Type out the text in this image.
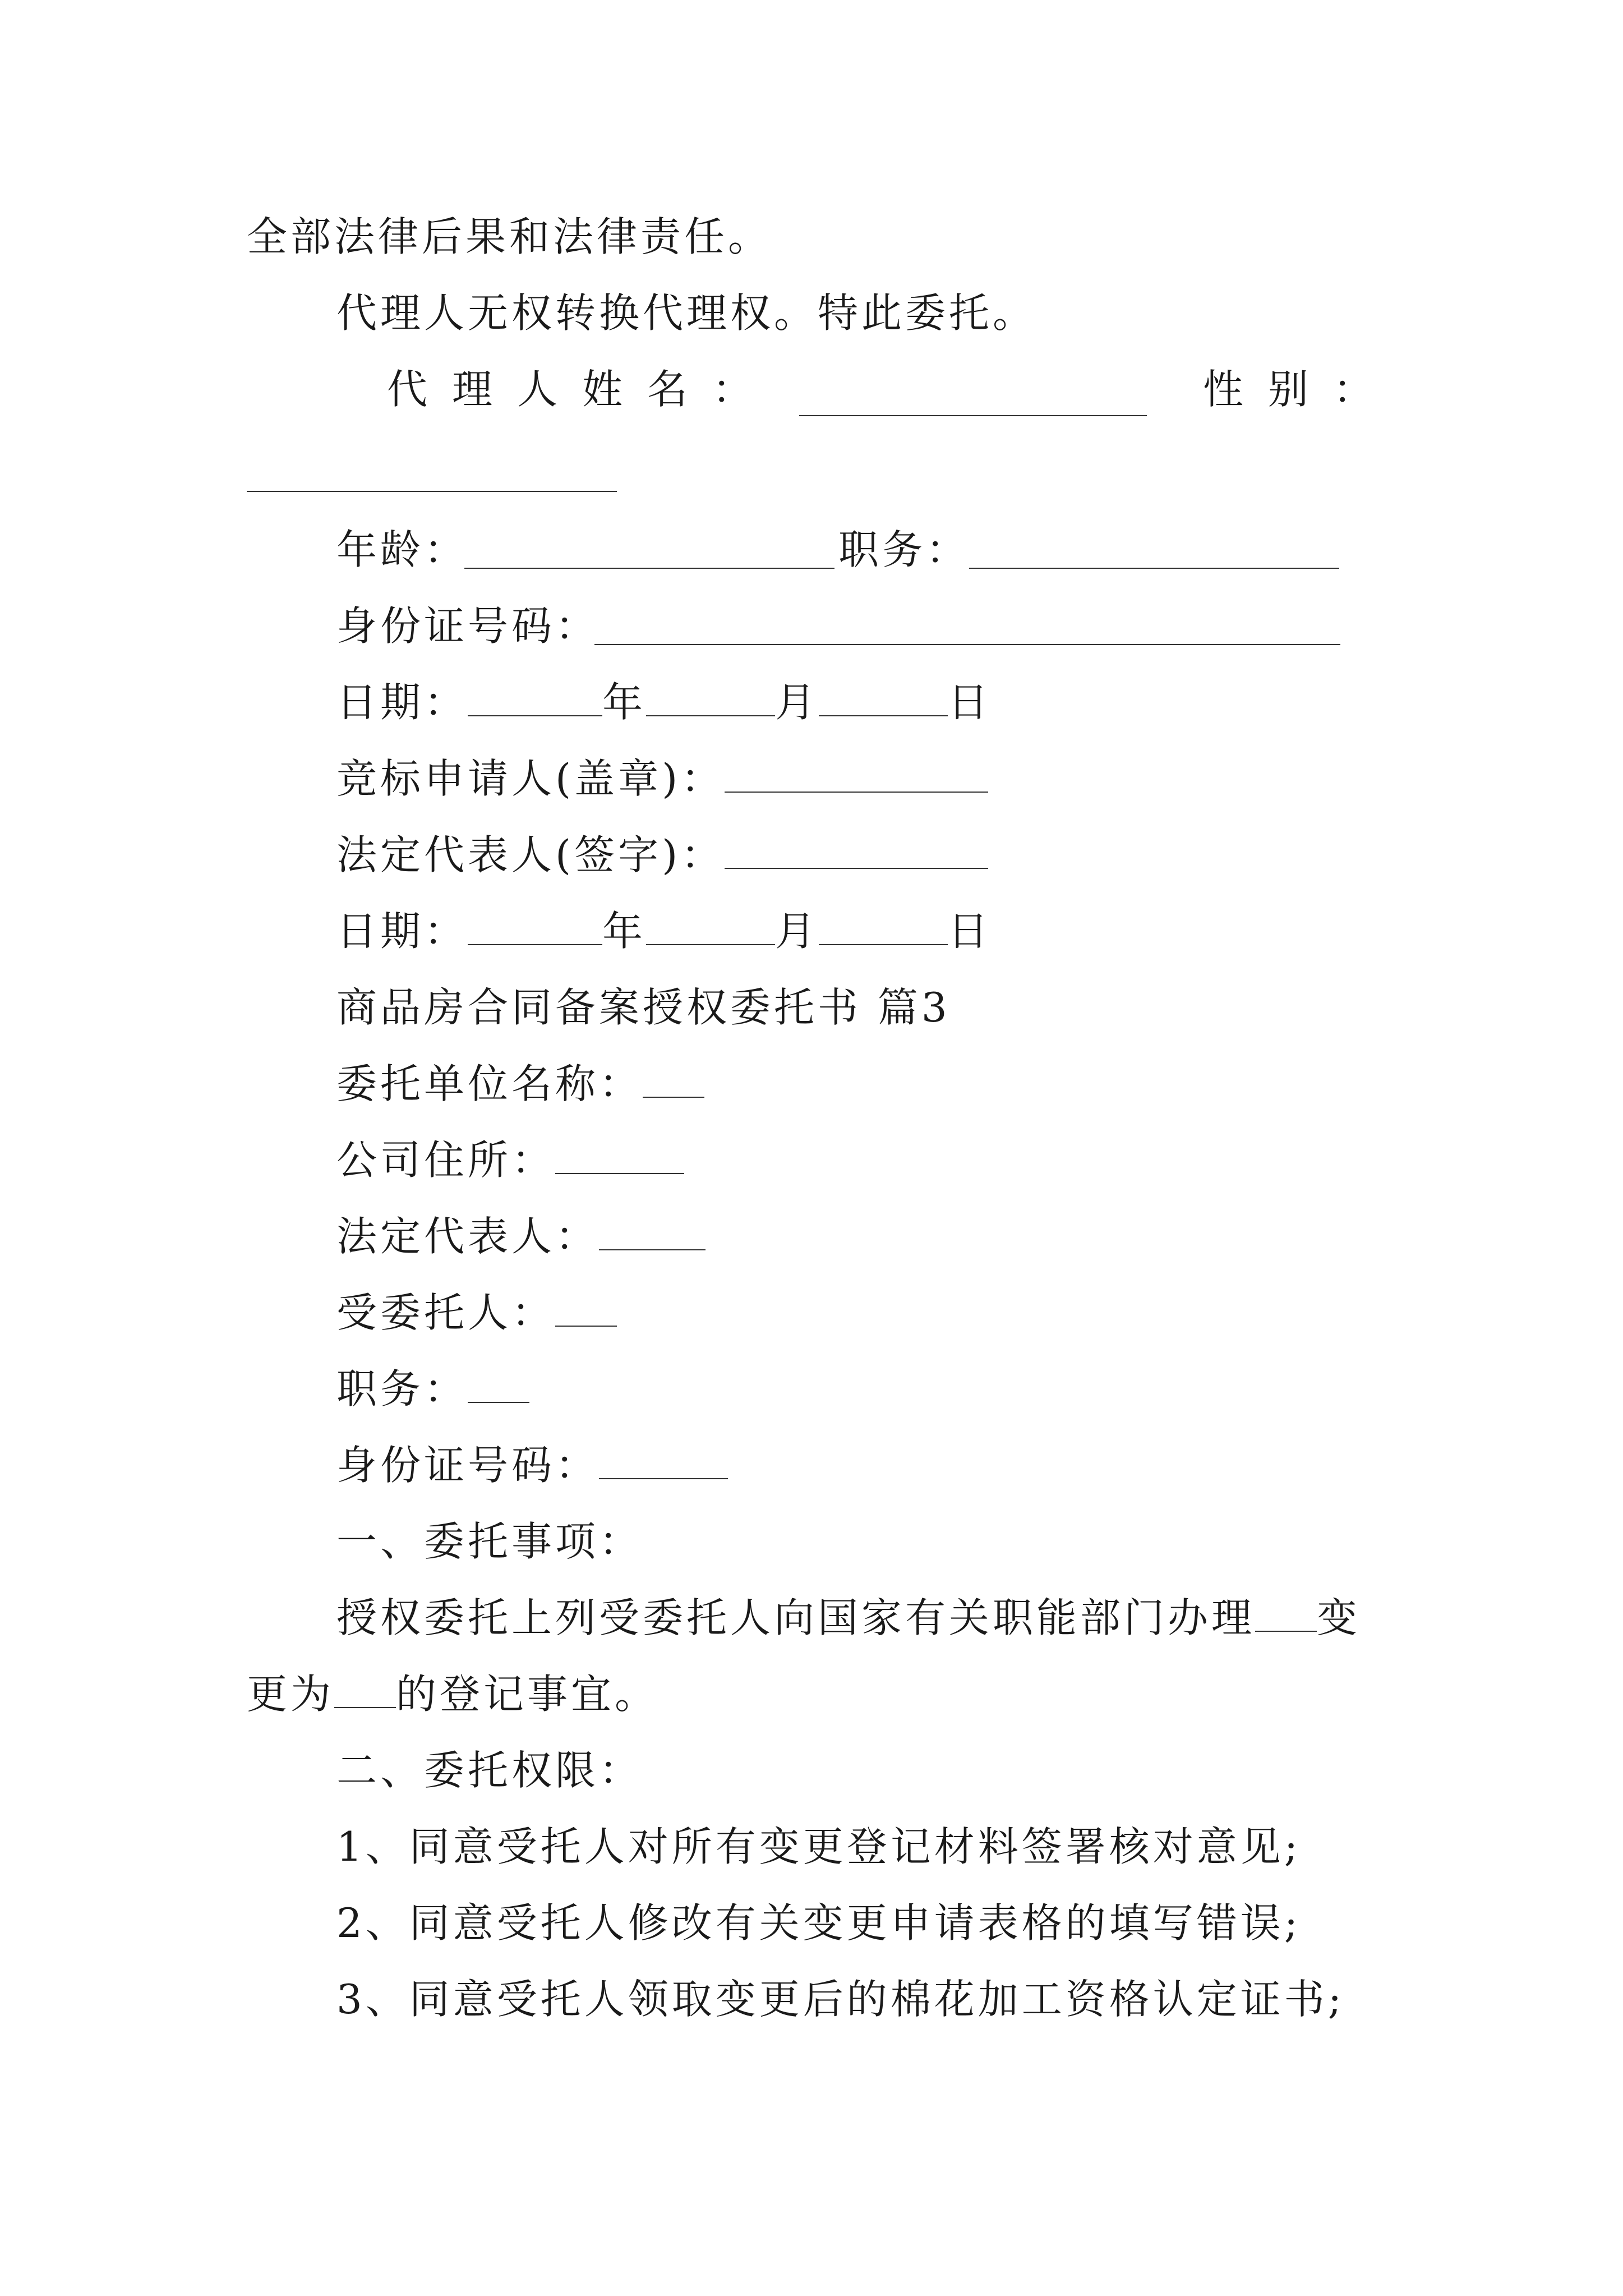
全部法律后果和法律责任。
代理人无权转换代理权。特此委托。
代理人姓名：	性别：
年龄：	职务：
身份证号码：
日期：	年	月	日
竞标申请人(盖章)：
法定代表人(签字)：
日期：	年	月	日
商品房合同备案授权委托书 篇3
委托单位名称：
公司住所：
法定代表人：
受委托人：
职务：
身份证号码：
一、委托事项：
授权委托上列受委托人向国家有关职能部门办理 变
更为 的登记事宜。
二、委托权限：
1、同意受托人对所有变更登记材料签署核对意见;
2、同意受托人修改有关变更申请表格的填写错误;
3、同意受托人领取变更后的棉花加工资格认定证书;
